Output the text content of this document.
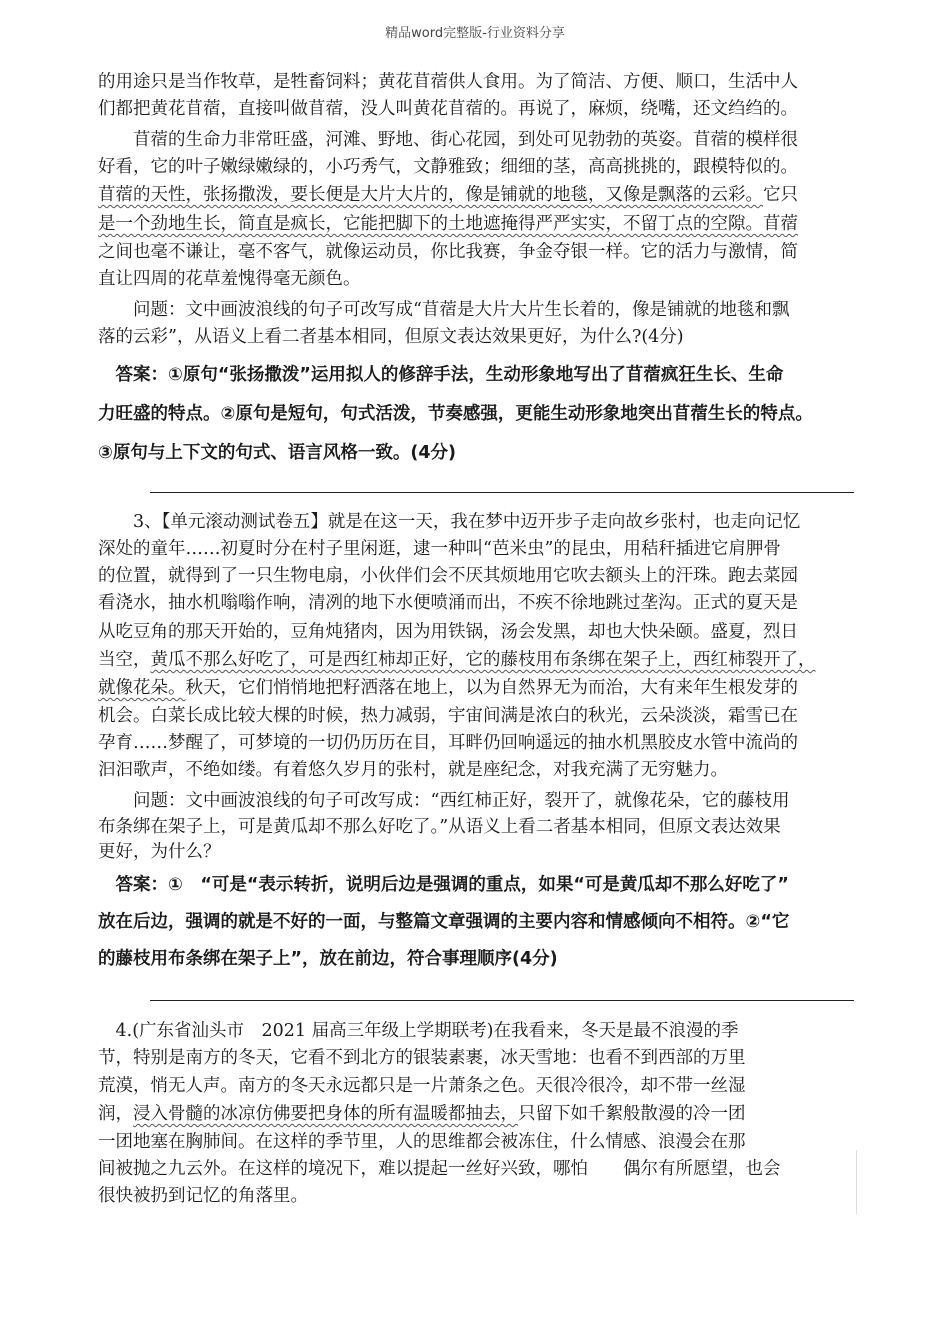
精品word完整版-行业资料分享
的用途只是当作牧草，是牲畜饲料；黄花苜蓿供人食用。为了简洁、方便、顺口，生活中人
们都把黄花苜蓿，直接叫做苜蓿，没人叫黄花苜蓿的。再说了，麻烦，绕嘴，还文绉绉的。
　　苜蓿的生命力非常旺盛，河滩、野地、街心花园，到处可见勃勃的英姿。苜蓿的模样很
好看，它的叶子嫩绿嫩绿的，小巧秀气，文静雅致；细细的茎，高高挑挑的，跟模特似的。
苜蓿的天性，张扬撒泼，要长便是大片大片的，像是铺就的地毯，又像是飘落的云彩。它只
是一个劲地生长，简直是疯长，它能把脚下的土地遮掩得严严实实，不留丁点的空隙。苜蓿
之间也毫不谦让，毫不客气，就像运动员，你比我赛，争金夺银一样。它的活力与激情，简
直让四周的花草羞愧得毫无颜色。
　　问题：文中画波浪线的句子可改写成“苜蓿是大片大片生长着的，像是铺就的地毯和飘
落的云彩”，从语义上看二者基本相同，但原文表达效果更好，为什么?(4分)
　答案：①原句“张扬撒泼”运用拟人的修辞手法，生动形象地写出了苜蓿疯狂生长、生命
力旺盛的特点。②原句是短句，句式活泼，节奏感强，更能生动形象地突出苜蓿生长的特点。
③原句与上下文的句式、语言风格一致。(4分)
　　3、【单元滚动测试卷五】就是在这一天，我在梦中迈开步子走向故乡张村，也走向记忆
深处的童年……初夏时分在村子里闲逛，逮一种叫“芭米虫”的昆虫，用秸秆插进它肩胛骨
的位置，就得到了一只生物电扇，小伙伴们会不厌其烦地用它吹去额头上的汗珠。跑去菜园
看浇水，抽水机嗡嗡作响，清冽的地下水便喷涌而出，不疾不徐地跳过垄沟。正式的夏天是
从吃豆角的那天开始的，豆角炖猪肉，因为用铁锅，汤会发黑，却也大快朵颐。盛夏，烈日
当空，黄瓜不那么好吃了，可是西红柿却正好，它的藤枝用布条绑在架子上，西红柿裂开了，
就像花朵。秋天，它们悄悄地把籽洒落在地上，以为自然界无为而治，大有来年生根发芽的
机会。白菜长成比较大棵的时候，热力减弱，宇宙间满是浓白的秋光，云朵淡淡，霜雪已在
孕育……梦醒了，可梦境的一切仍历历在目，耳畔仍回响遥远的抽水机黑胶皮水管中流尚的
汩汩歌声，不绝如缕。有着悠久岁月的张村，就是座纪念，对我充满了无穷魅力。
　　问题：文中画波浪线的句子可改写成：“西红柿正好，裂开了，就像花朵，它的藤枝用
布条绑在架子上，可是黄瓜却不那么好吃了。”从语义上看二者基本相同，但原文表达效果
更好，为什么？
　答案：①　“可是“表示转折，说明后边是强调的重点，如果“可是黄瓜却不那么好吃了”
放在后边，强调的就是不好的一面，与整篇文章强调的主要内容和情感倾向不相符。②“它
的藤枝用布条绑在架子上”，放在前边，符合事理顺序(4分)
　4.(广东省汕头市　2021 届高三年级上学期联考)在我看来，冬天是最不浪漫的季
节，特别是南方的冬天，它看不到北方的银装素裹，冰天雪地：也看不到西部的万里
荒漠，悄无人声。南方的冬天永远都只是一片萧条之色。天很冷很冷，却不带一丝湿
润，浸入骨髓的冰凉仿佛要把身体的所有温暖都抽去，只留下如千絮般散漫的冷一团
一团地塞在胸肺间。在这样的季节里，人的思维都会被冻住，什么情感、浪漫会在那
间被抛之九云外。在这样的境况下，难以提起一丝好兴致，哪怕　　偶尔有所愿望，也会
很快被扔到记忆的角落里。
